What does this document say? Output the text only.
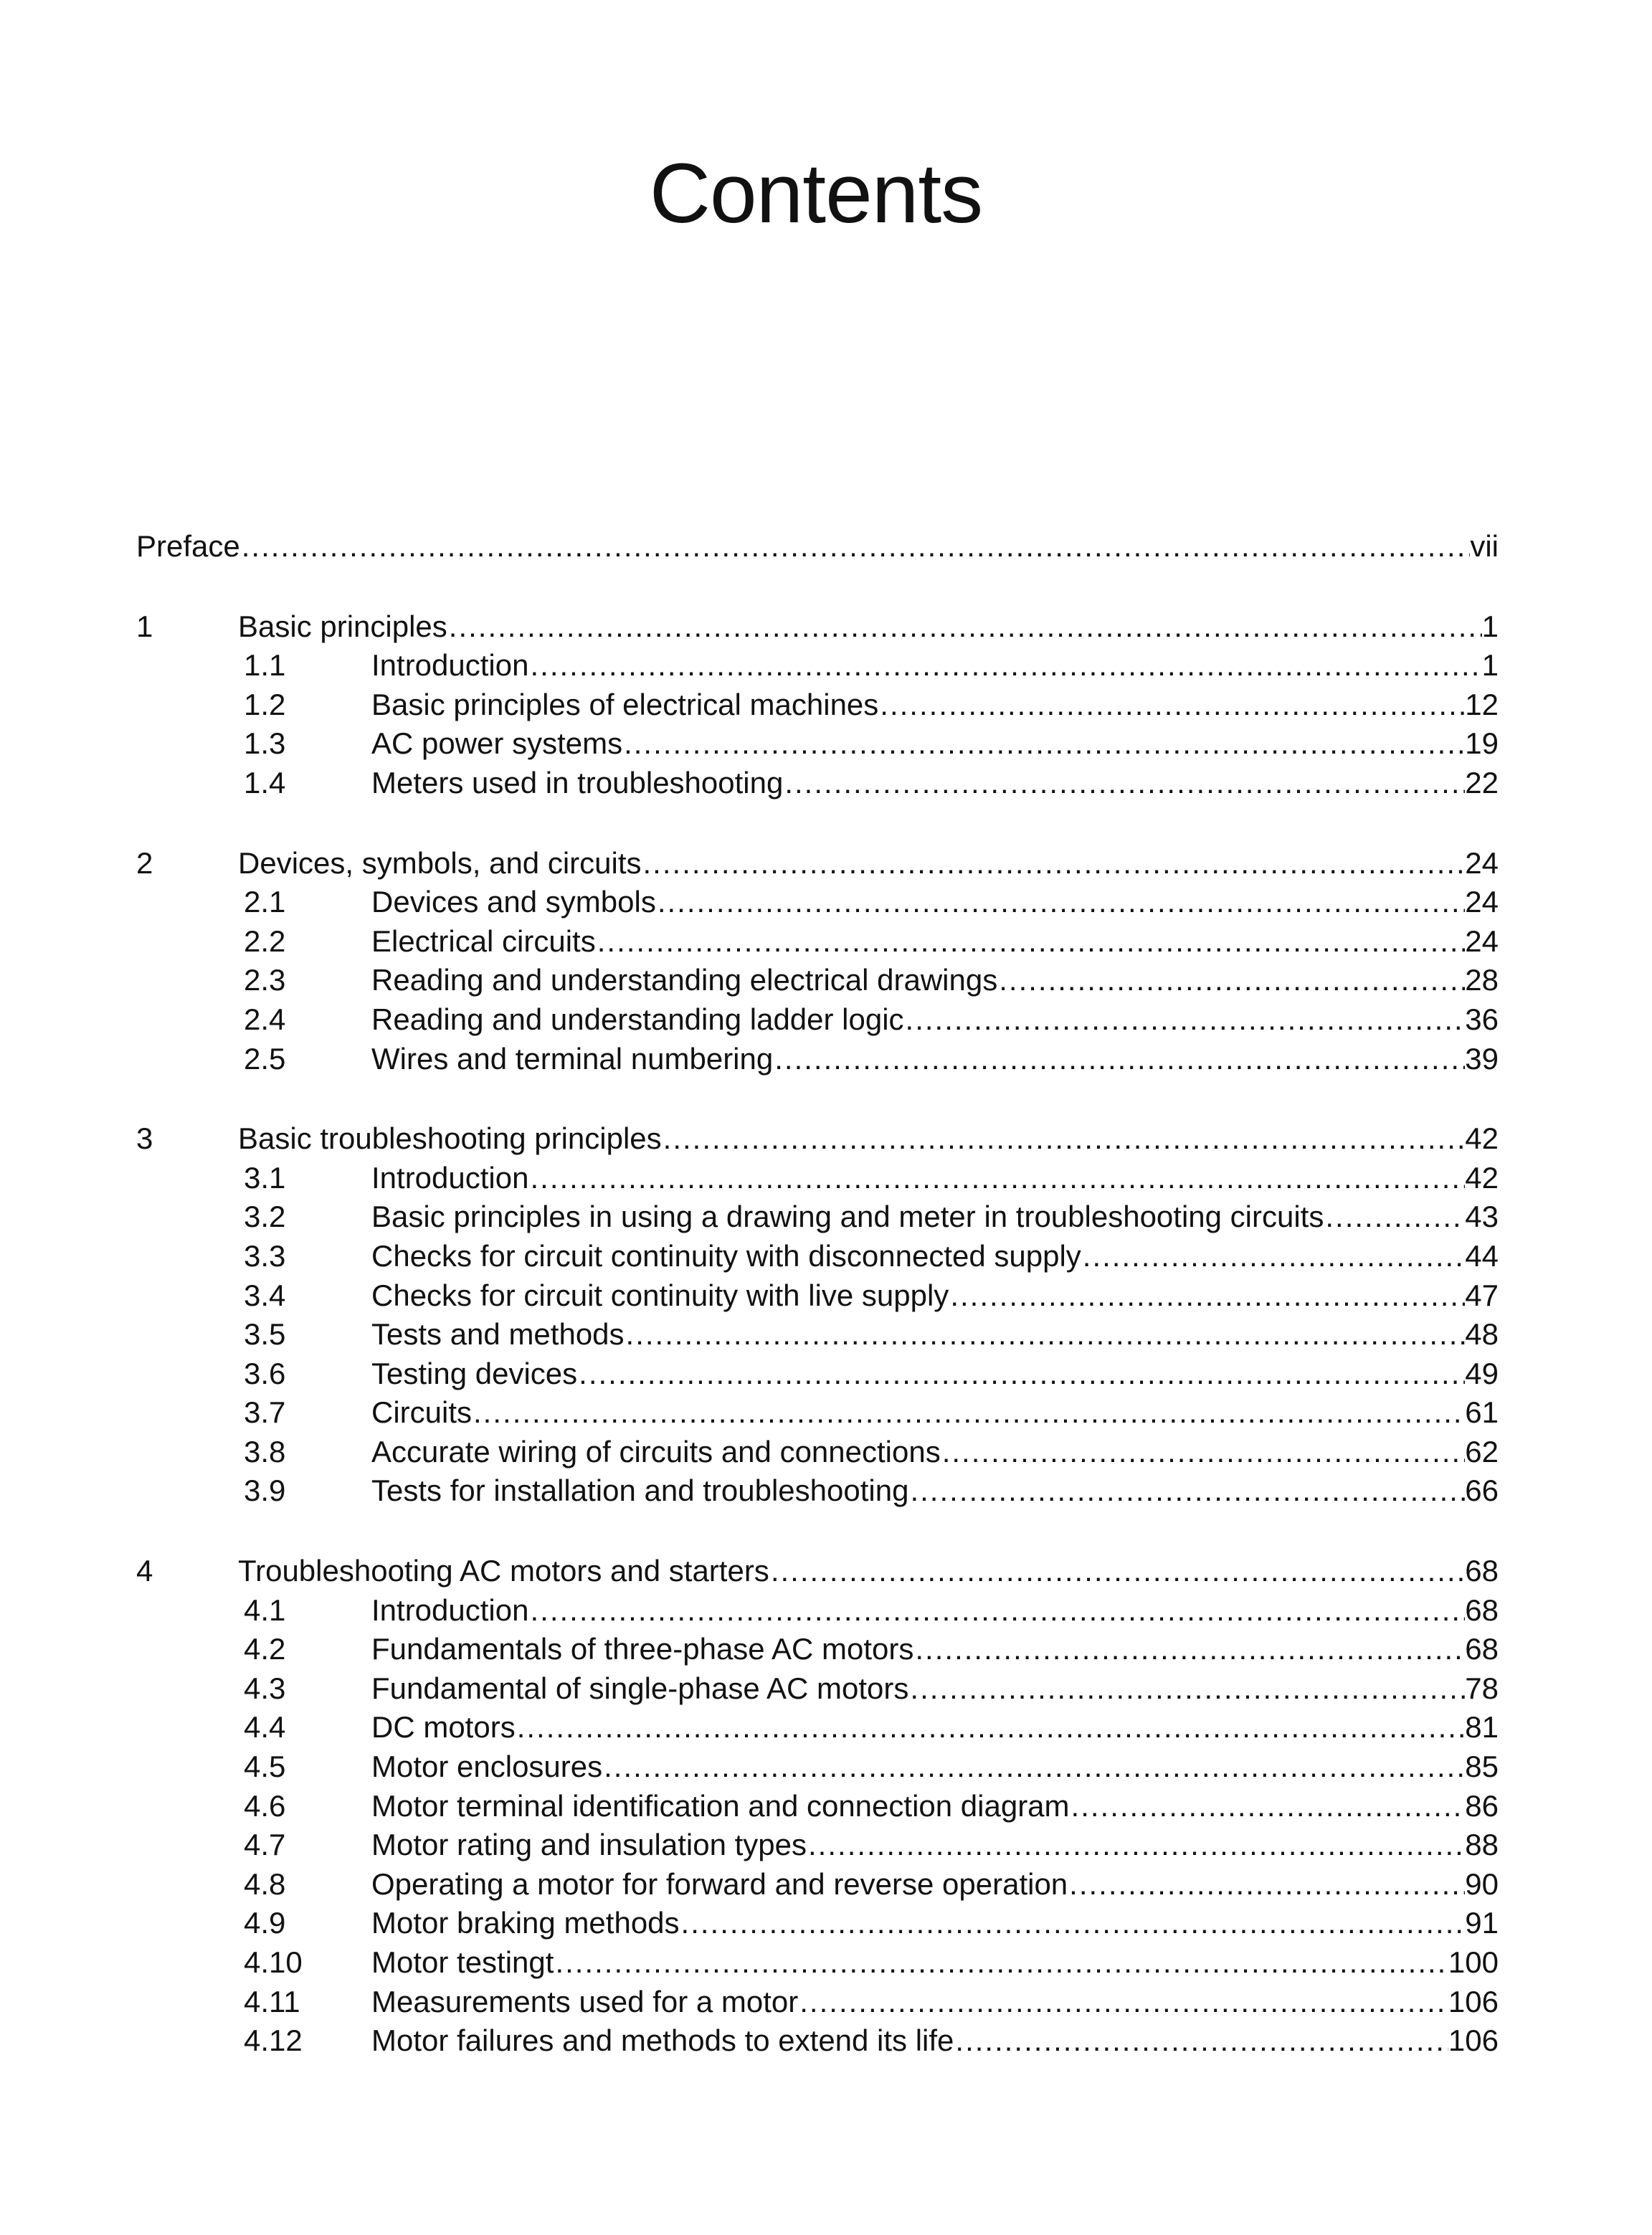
Contents
Preface .....	vii
1	Basic principles .....	1
1.1	Introduction .....	1
1.2	Basic principles of electrical machines .....	12
1.3	AC power systems .....	19
1.4	Meters used in troubleshooting .....	22
2	Devices, symbols, and circuits .....	24
2.1	Devices and symbols .....	24
2.2	Electrical circuits .....	24
2.3	Reading and understanding electrical drawings .....	28
2.4	Reading and understanding ladder logic .....	36
2.5	Wires and terminal numbering .....	39
3	Basic troubleshooting principles .....	42
3.1	Introduction .....	42
3.2	Basic principles in using a drawing and meter in troubleshooting circuits .....	43
3.3	Checks for circuit continuity with disconnected supply .....	44
3.4	Checks for circuit continuity with live supply .....	47
3.5	Tests and methods .....	48
3.6	Testing devices .....	49
3.7	Circuits .....	61
3.8	Accurate wiring of circuits and connections .....	62
3.9	Tests for installation and troubleshooting .....	66
4	Troubleshooting AC motors and starters .....	68
4.1	Introduction .....	68
4.2	Fundamentals of three-phase AC motors .....	68
4.3	Fundamental of single-phase AC motors .....	78
4.4	DC motors .....	81
4.5	Motor enclosures .....	85
4.6	Motor terminal identification and connection diagram .....	86
4.7	Motor rating and insulation types .....	88
4.8	Operating a motor for forward and reverse operation .....	90
4.9	Motor braking methods .....	91
4.10 Motor testingt .....	100
4.11 Measurements used for a motor .....	106
4.12 Motor failures and methods to extend its life .....	106
